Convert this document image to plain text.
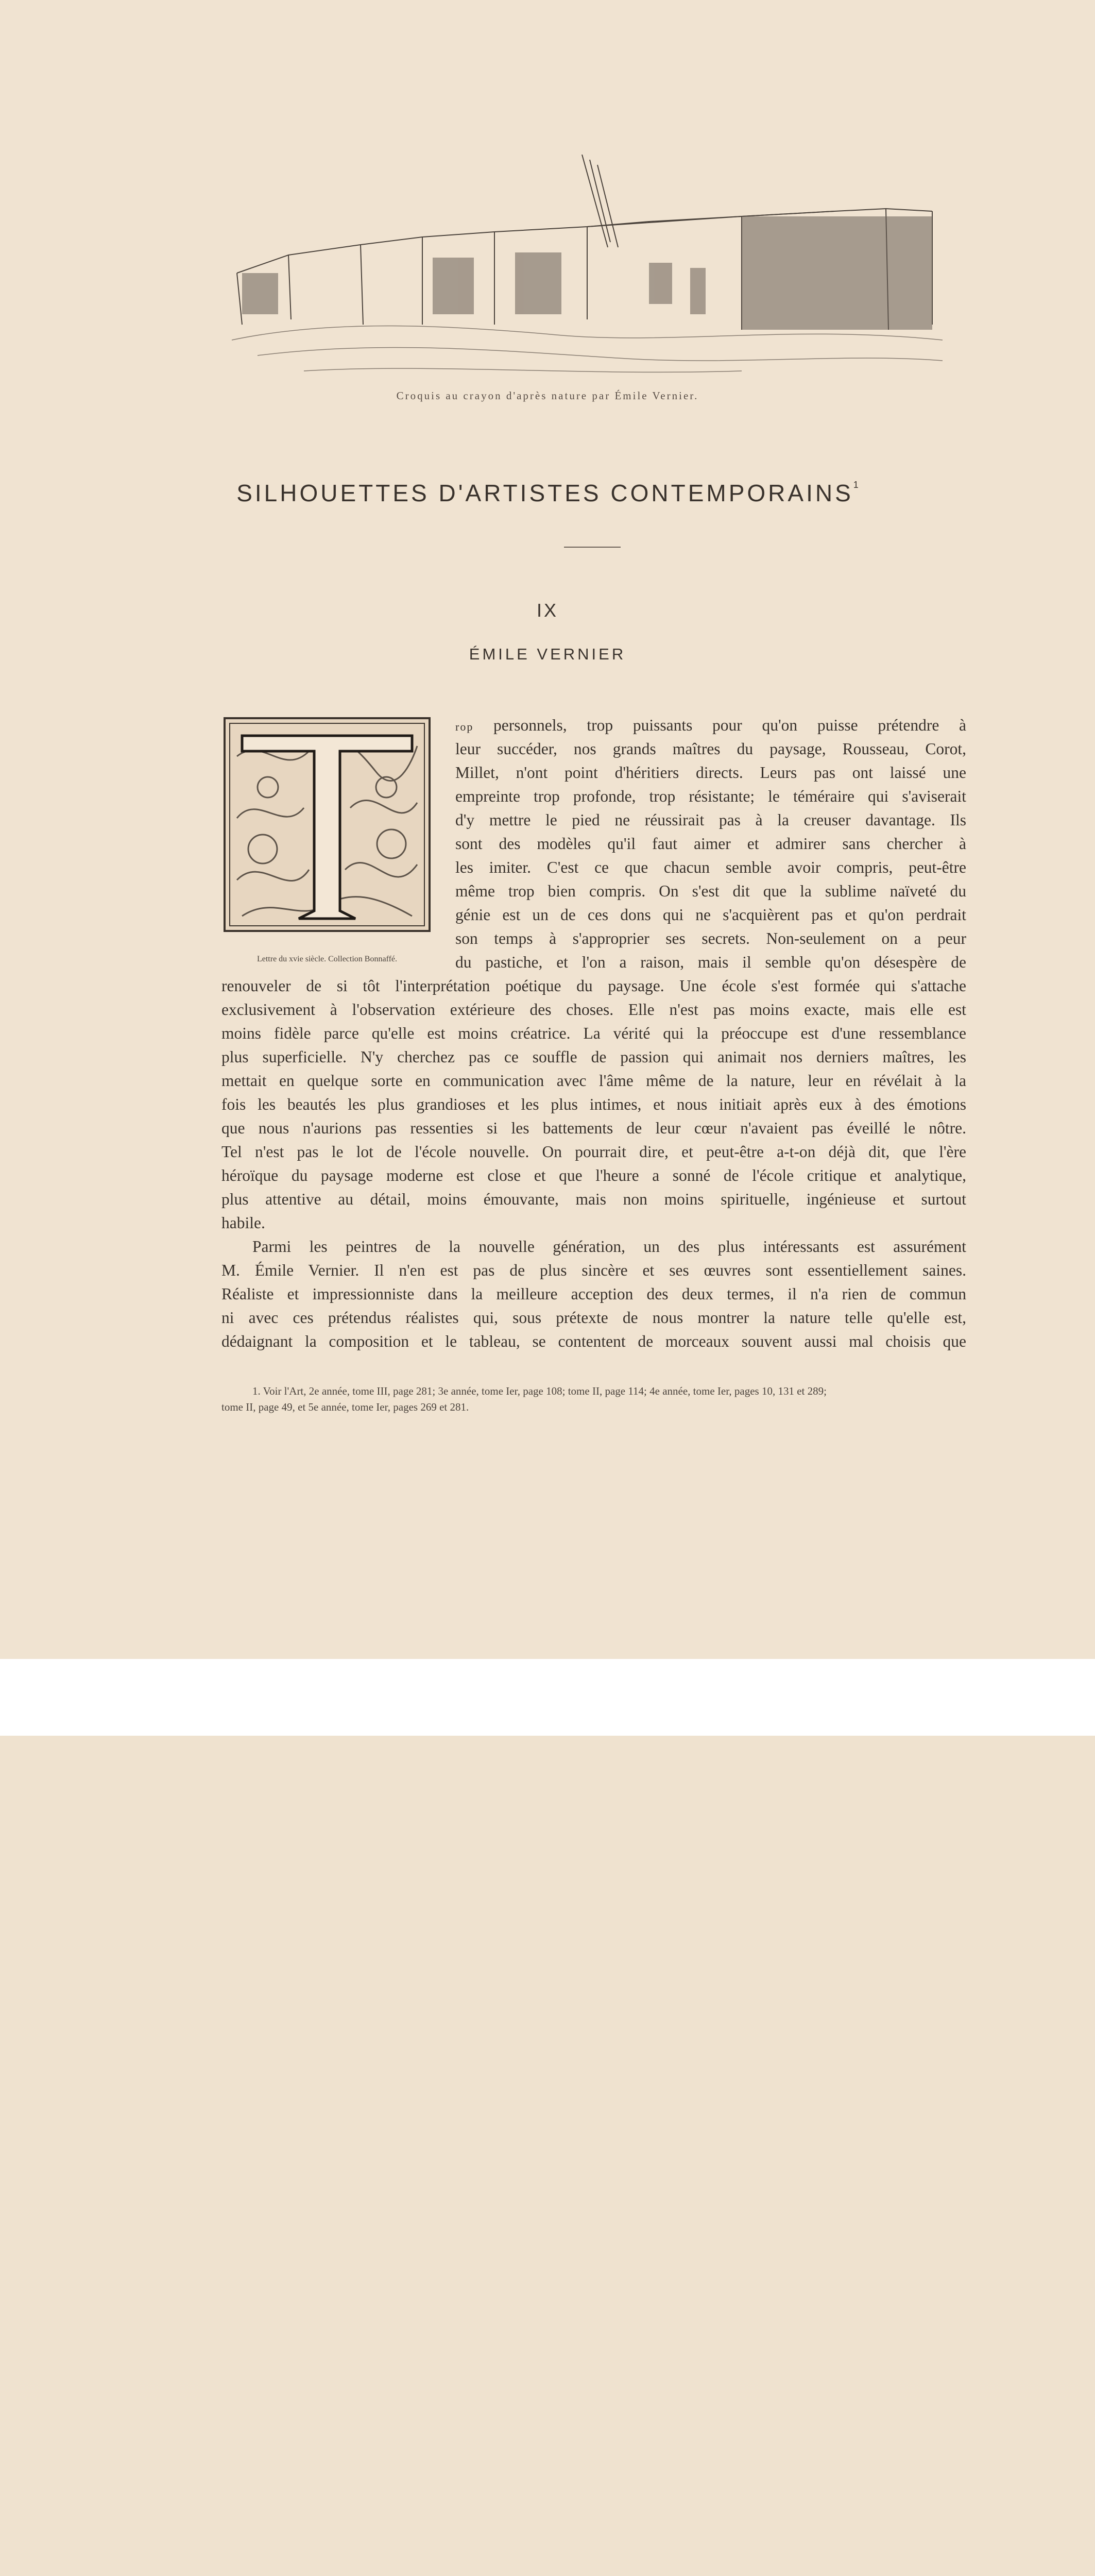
Croquis au crayon d'après nature par Émile Vernier.
SILHOUETTES D'ARTISTES CONTEMPORAINS$^1$
IX
ÉMILE VERNIER
Lettre du xvie siècle. Collection Bonnaffé.
rop personnels, trop puissants pour qu'on puisse prétendre à
leur succéder, nos grands maîtres du paysage, Rousseau, Corot,
Millet, n'ont point d'héritiers directs. Leurs pas ont laissé une
empreinte trop profonde, trop résistante; le téméraire qui s'aviserait
d'y mettre le pied ne réussirait pas à la creuser davantage. Ils
sont des modèles qu'il faut aimer et admirer sans chercher à
les imiter. C'est ce que chacun semble avoir compris, peut-être
même trop bien compris. On s'est dit que la sublime naïveté du
génie est un de ces dons qui ne s'acquièrent pas et qu'on perdrait
son temps à s'approprier ses secrets. Non-seulement on a peur
du pastiche, et l'on a raison, mais il semble qu'on désespère de
renouveler de si tôt l'interprétation poétique du paysage. Une école s'est formée qui s'attache
exclusivement à l'observation extérieure des choses. Elle n'est pas moins exacte, mais elle est
moins fidèle parce qu'elle est moins créatrice. La vérité qui la préoccupe est d'une ressemblance
plus superficielle. N'y cherchez pas ce souffle de passion qui animait nos derniers maîtres, les
mettait en quelque sorte en communication avec l'âme même de la nature, leur en révélait à la
fois les beautés les plus grandioses et les plus intimes, et nous initiait après eux à des émotions
que nous n'aurions pas ressenties si les battements de leur cœur n'avaient pas éveillé le nôtre.
Tel n'est pas le lot de l'école nouvelle. On pourrait dire, et peut-être a-t-on déjà dit, que l'ère
héroïque du paysage moderne est close et que l'heure a sonné de l'école critique et analytique,
plus attentive au détail, moins émouvante, mais non moins spirituelle, ingénieuse et surtout
habile.
Parmi les peintres de la nouvelle génération, un des plus intéressants est assurément
M. Émile Vernier. Il n'en est pas de plus sincère et ses œuvres sont essentiellement saines.
Réaliste et impressionniste dans la meilleure acception des deux termes, il n'a rien de commun
ni avec ces prétendus réalistes qui, sous prétexte de nous montrer la nature telle qu'elle est,
dédaignant la composition et le tableau, se contentent de morceaux souvent aussi mal choisis que
1. Voir l'Art, 2e année, tome III, page 281; 3e année, tome Ier, page 108; tome II, page 114; 4e année, tome Ier, pages 10, 131 et 289;
tome II, page 49, et 5e année, tome Ier, pages 269 et 281.
